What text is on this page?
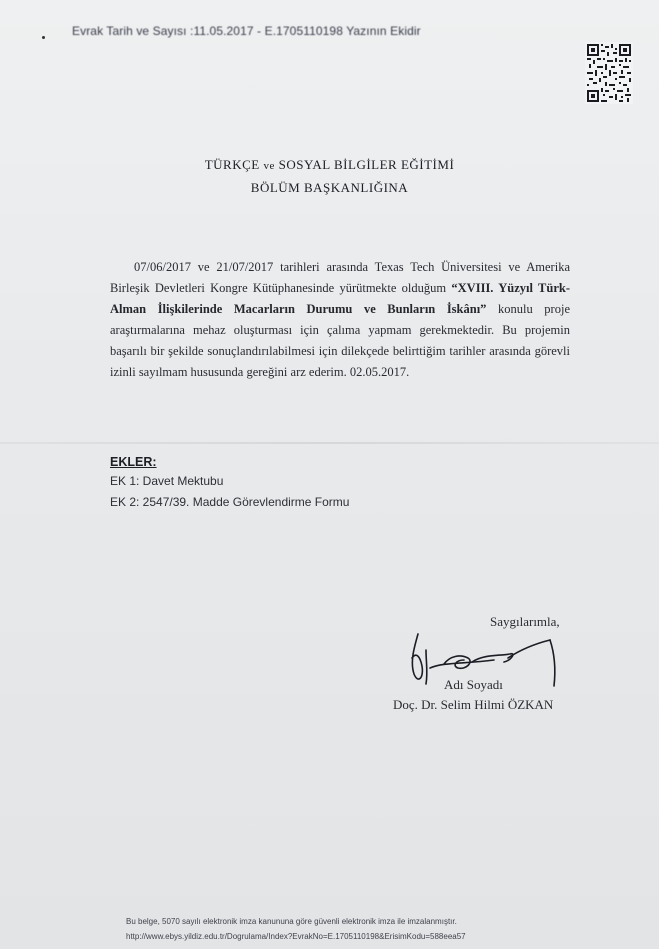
Evrak Tarih ve Sayısı :11.05.2017 - E.1705110198 Yazının Ekidir
TÜRKÇE ve SOSYAL BİLGİLER EĞİTİMİ
BÖLÜM BAŞKANLIĞINA
07/06/2017 ve 21/07/2017 tarihleri arasında Texas Tech Üniversitesi ve Amerika Birleşik Devletleri Kongre Kütüphanesinde yürütmekte olduğum “XVIII. Yüzyıl Türk-Alman İlişkilerinde Macarların Durumu ve Bunların İskânı” konulu proje araştırmalarına mehaz oluşturması için çalıma yapmam gerekmektedir. Bu projemin başarılı bir şekilde sonuçlandırılabilmesi için dilekçede belirttiğim tarihler arasında görevli izinli sayılmam hususunda gereğini arz ederim. 02.05.2017.
EKLER:
EK 1: Davet Mektubu
EK 2: 2547/39. Madde Görevlendirme Formu
Saygılarımla,
Adı Soyadı
Doç. Dr. Selim Hilmi ÖZKAN
Bu belge, 5070 sayılı elektronik imza kanununa göre güvenli elektronik imza ile imzalanmıştır.
http://www.ebys.yildiz.edu.tr/Dogrulama/Index?EvrakNo=E.1705110198&ErisimKodu=588eea57
